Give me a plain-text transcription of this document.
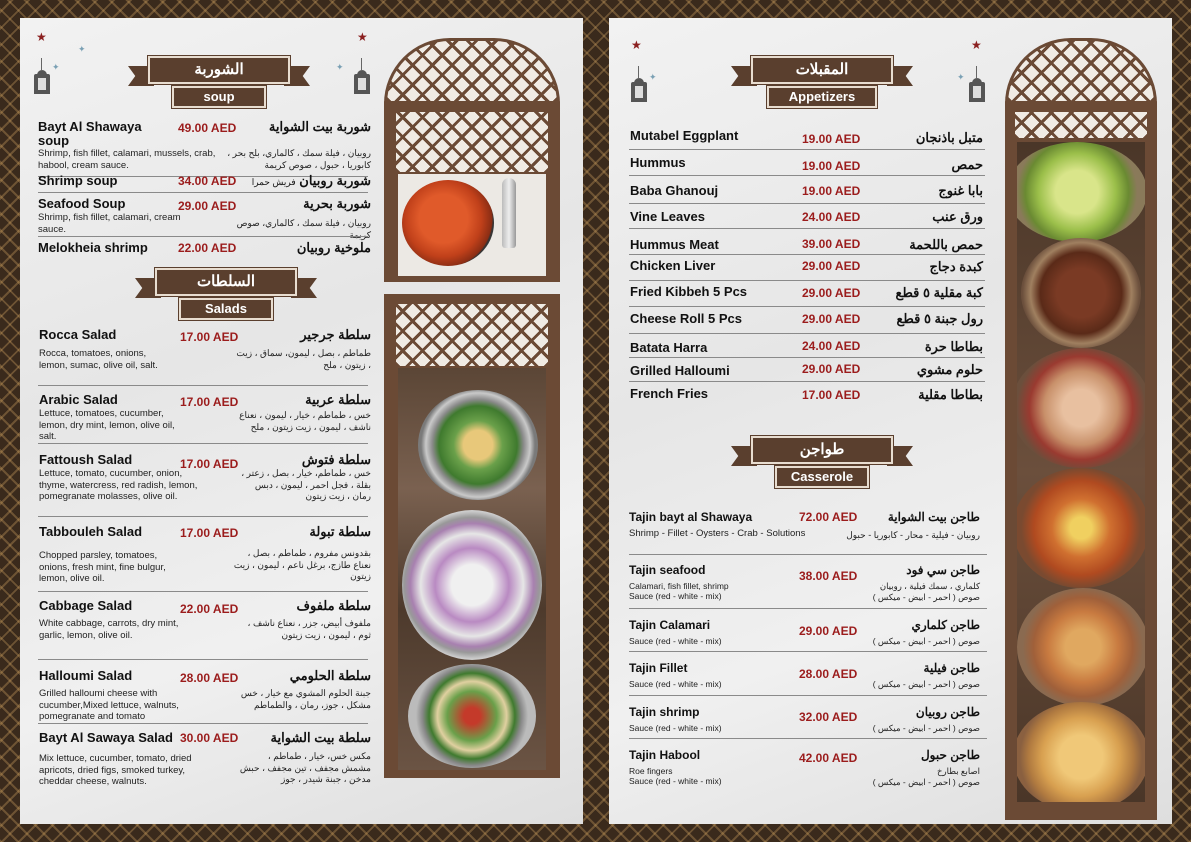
★
✦
✦
★
✦
الشوربة
soup
Bayt Al Shawaya
soup
49.00 AED	شوربة بيت الشواية
Shrimp, fish fillet, calamari, mussels, crab, habool, cream sauce.
روبيان ، فيلة سمك ، كالماري، بلح بحر ، كابوريا ، حبول ، صوص كريمة
Shrimp soup	34.00 AED	شوربة روبيان فريش حمرا
Seafood Soup	29.00 AED	شوربة بحرية
Shrimp, fish fillet, calamari, cream sauce.
روبيان ، فيلة سمك ، كالماري، صوص كريمة
Melokheia shrimp	22.00 AED	ملوخية روبيان
السلطات
Salads
Rocca Salad	17.00 AED	سلطة جرجير
Rocca, tomatoes, onions, lemon, sumac, olive oil, salt.
طماطم ، بصل ، ليمون، سماق ، زيت ، زيتون ، ملح
Arabic Salad	17.00 AED	سلطة عربية
Lettuce, tomatoes, cucumber, lemon, dry mint, lemon, olive oil, salt.
خس ، طماطم ، خيار ، ليمون ، نعناع ناشف ، ليمون ، زيت زيتون ، ملح
Fattoush Salad	17.00 AED	سلطة فتوش
Lettuce, tomato, cucumber, onion, thyme, watercress, red radish, lemon, pomegranate molasses, olive oil.
خس ، طماطم، خيار ، بصل ، زعتر ، بقلة ، فجل احمر ، ليمون ، دبس رمان ، زيت زيتون
Tabbouleh Salad	17.00 AED	سلطة تبولة
Chopped parsley, tomatoes, onions, fresh mint, fine bulgur, lemon, olive oil.
بقدونس مفروم ، طماطم ، بصل ، نعناع طازج، برغل ناعم ، ليمون ، زيت زيتون
Cabbage Salad	22.00 AED	سلطة ملفوف
White cabbage, carrots, dry mint, garlic, lemon, olive oil.
ملفوف أبيض، جزر ، نعناع ناشف ، ثوم ، ليمون ، زيت زيتون
Halloumi Salad	28.00 AED	سلطة الحلومي
Grilled halloumi cheese with cucumber,Mixed lettuce, walnuts, pomegranate and tomato
جبنة الحلوم المشوي مع خيار ، خس مشكل ، جوز، رمان ، والطماطم
Bayt Al Sawaya Salad 30.00 AED سلطة بيت الشواية
Mix lettuce, cucumber, tomato, dried apricots, dried figs, smoked turkey, cheddar cheese, walnuts.
مكس خس، خيار ، طماطم ، مشمش مجفف ، تين مجفف ، حبش مدخن ، جبنة شيدر ، جوز
★
✦
★
✦
المقبلات
Appetizers
Mutabel Eggplant	19.00 AED	متبل باذنجان
Hummus	19.00 AED	حمص
Baba Ghanouj	19.00 AED	بابا غنوج
Vine Leaves	24.00 AED	ورق عنب
Hummus Meat	39.00 AED	حمص باللحمة
Chicken Liver	29.00 AED	كبدة دجاج
Fried Kibbeh 5 Pcs	29.00 AED	كبة مقلية ٥ قطع
Cheese Roll 5 Pcs	29.00 AED	رول جبنة ٥ قطع
Batata Harra	24.00 AED	بطاطا حرة
Grilled Halloumi	29.00 AED	حلوم مشوي
French Fries	17.00 AED	بطاطا مقلية
طواجن
Casserole
Tajin bayt al Shawaya	72.00 AED	طاجن بيت الشواية
Shrimp - Fillet - Oysters - Crab - Solutions	روبيان - فيلية - محار - كابوريا - حبول
Tajin seafood	38.00 AED	طاجن سي فود
Calamari, fish fillet, shrimp
Sauce (red - white - mix)
كلماري ، سمك فيلية ، روبيان
صوص ( احمر - ابيض - ميكس )
Tajin Calamari	29.00 AED	طاجن كلماري
Sauce (red - white - mix)	صوص ( احمر - ابيض - ميكس )
Tajin Fillet	28.00 AED	طاجن فيلية
Sauce (red - white - mix)	صوص ( احمر - ابيض - ميكس )
Tajin shrimp	32.00 AED	طاجن روبيان
Sauce (red - white - mix)	صوص ( احمر - ابيض - ميكس )
Tajin Habool	42.00 AED	طاجن حبول
Roe fingers
Sauce (red - white - mix)
اصابع بطارخ
صوص ( احمر - ابيض - ميكس )
